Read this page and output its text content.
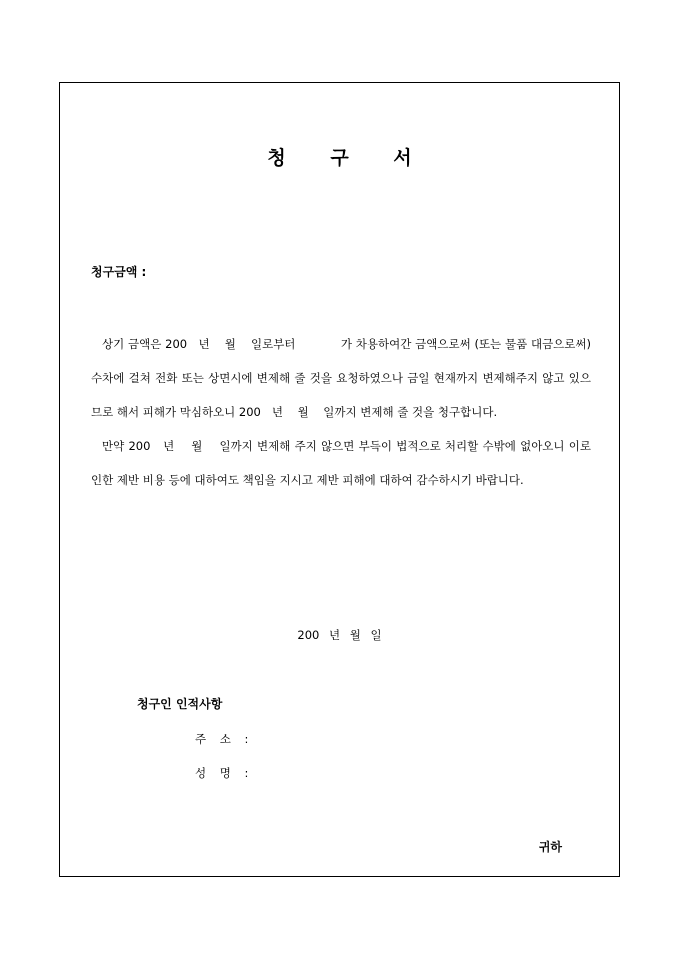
청 구 서
청구금액 :

상기 금액은 200   년    월    일로부터            가 차용하여간 금액으로써 (또는 물품 대금으로써) 수차에 걸쳐 전화 또는 상면시에 변제해 줄 것을 요청하였으나 금일 현재까지 변제해주지 않고 있으므로 해서 피해가 막심하오니 200   년    월    일까지 변제해 줄 것을 청구합니다.

만약 200   년    월    일까지 변제해 주지 않으면 부득이 법적으로 처리할 수밖에 없아오니 이로 인한 제반 비용 등에 대하여도 책임을 지시고 제반 피해에 대하여 감수하시기 바랍니다.

200 년 월 일
청구인 인적사항
주 소 :
성 명 :
귀하
